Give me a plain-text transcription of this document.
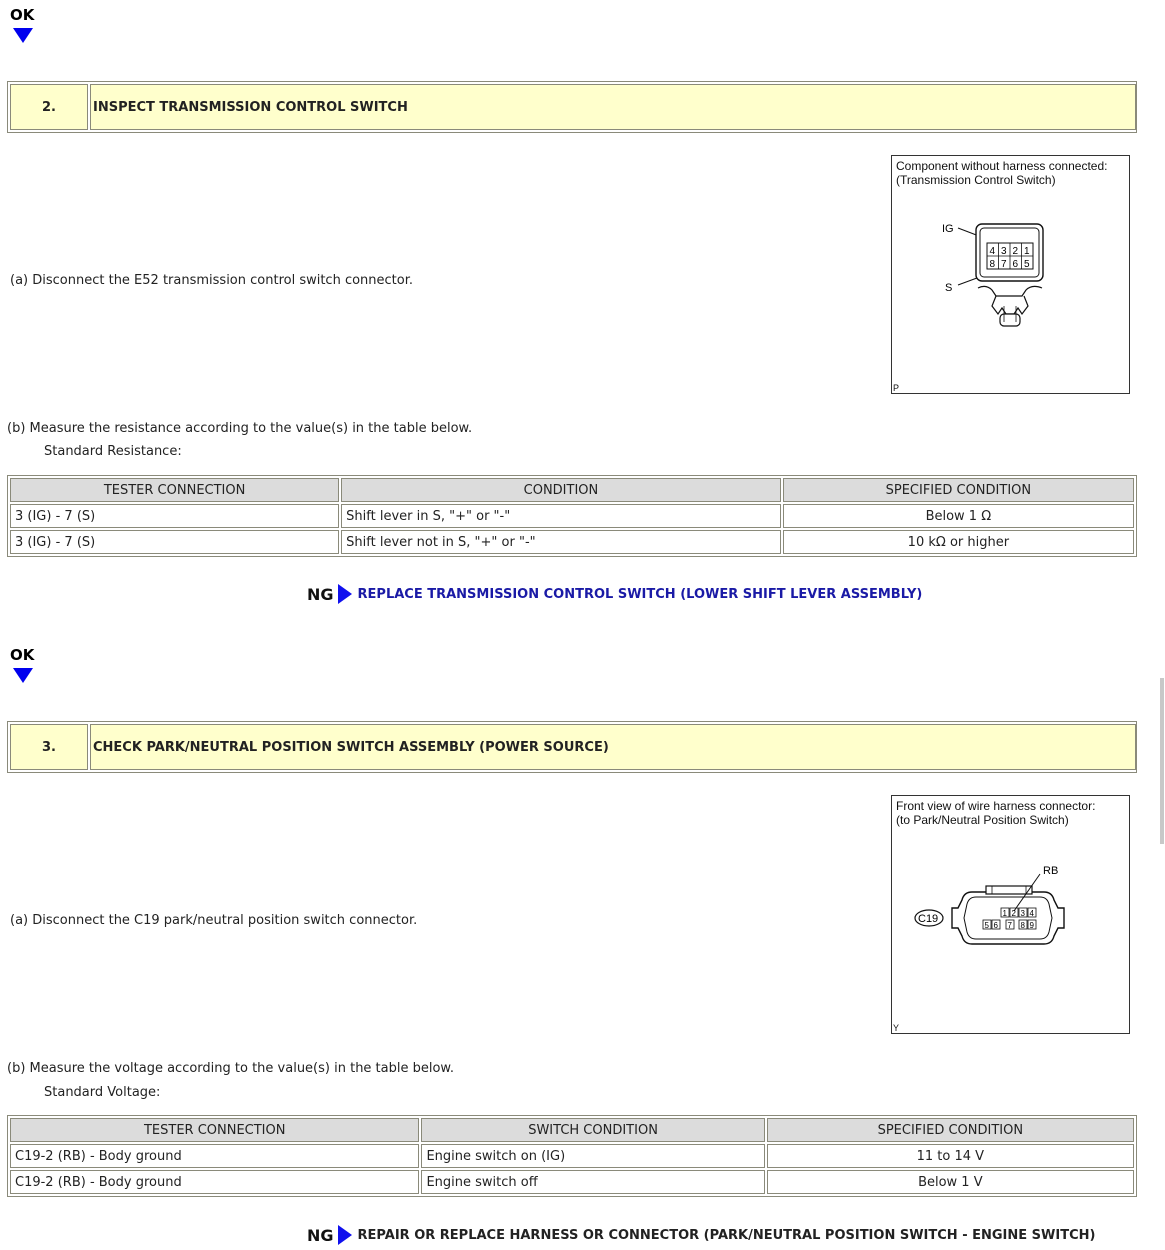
OK
2.	INSPECT TRANSMISSION CONTROL SWITCH
(a) Disconnect the E52 transmission control switch connector.
Component without harness connected:
(Transmission Control Switch)
IG
S
4 3 2 1
8 7 6 5
P
(b) Measure the resistance according to the value(s) in the table below.
Standard Resistance:
TESTER CONNECTION	CONDITION	SPECIFIED CONDITION
3 (IG) - 7 (S)	Shift lever in S, "+" or "-"	Below 1 Ω
3 (IG) - 7 (S)	Shift lever not in S, "+" or "-"	10 kΩ or higher
NG REPLACE TRANSMISSION CONTROL SWITCH (LOWER SHIFT LEVER ASSEMBLY)
OK
3.	CHECK PARK/NEUTRAL POSITION SWITCH ASSEMBLY (POWER SOURCE)
(a) Disconnect the C19 park/neutral position switch connector.
Front view of wire harness connector:
(to Park/Neutral Position Switch)
RB
C19	1 2 3 4
5 6 7 8 9
Y
(b) Measure the voltage according to the value(s) in the table below.
Standard Voltage:
TESTER CONNECTION	SWITCH CONDITION	SPECIFIED CONDITION
C19-2 (RB) - Body ground	Engine switch on (IG)	11 to 14 V
C19-2 (RB) - Body ground	Engine switch off	Below 1 V
NG REPAIR OR REPLACE HARNESS OR CONNECTOR (PARK/NEUTRAL POSITION SWITCH - ENGINE SWITCH)
